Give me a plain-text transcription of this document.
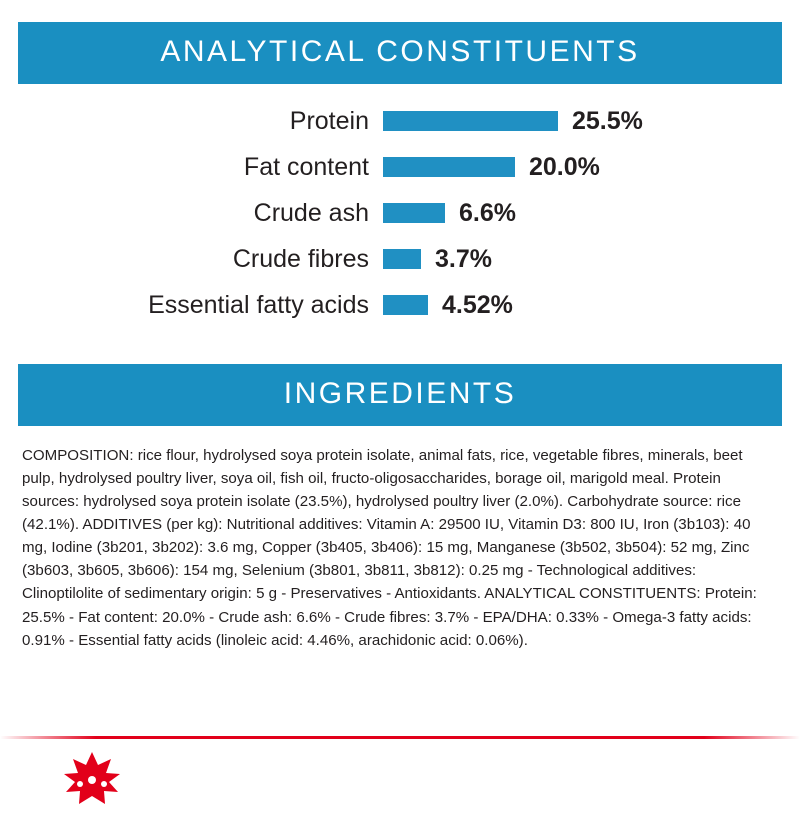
ANALYTICAL CONSTITUENTS
Protein	25.5%
Fat content	20.0%
Crude ash	6.6%
Crude fibres	3.7%
Essential fatty acids	4.52%
INGREDIENTS
COMPOSITION: rice flour, hydrolysed soya protein isolate, animal fats, rice, vegetable fibres, minerals, beet pulp, hydrolysed poultry liver, soya oil, fish oil, fructo-oligosaccharides, borage oil, marigold meal. Protein sources: hydrolysed soya protein isolate (23.5%), hydrolysed poultry liver (2.0%). Carbohydrate source: rice (42.1%). ADDITIVES (per kg): Nutritional additives: Vitamin A: 29500 IU, Vitamin D3: 800 IU, Iron (3b103): 40 mg, Iodine (3b201, 3b202): 3.6 mg, Copper (3b405, 3b406): 15 mg, Manganese (3b502, 3b504): 52 mg, Zinc (3b603, 3b605, 3b606): 154 mg, Selenium (3b801, 3b811, 3b812): 0.25 mg - Technological additives: Clinoptilolite of sedimentary origin: 5 g - Preservatives - Antioxidants. ANALYTICAL CONSTITUENTS: Protein: 25.5% - Fat content: 20.0% - Crude ash: 6.6% - Crude fibres: 3.7% - EPA/DHA: 0.33% - Omega-3 fatty acids: 0.91% - Essential fatty acids (linoleic acid: 4.46%, arachidonic acid: 0.06%).
